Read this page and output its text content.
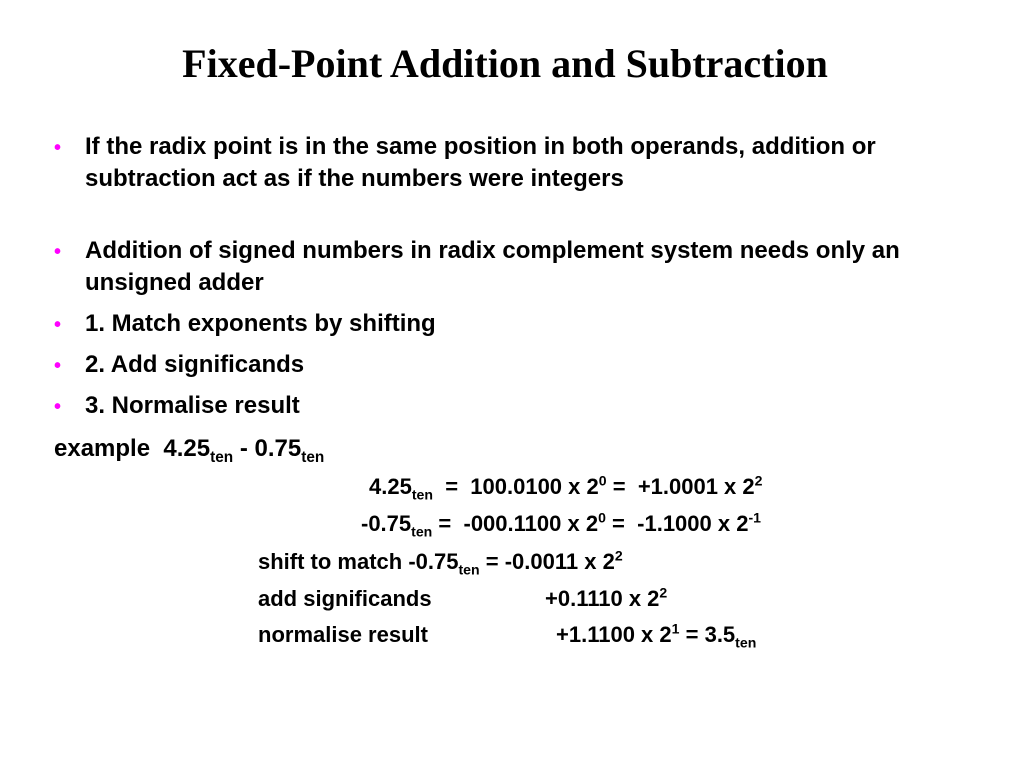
Fixed-Point Addition and Subtraction
• If the radix point is in the same position in both operands, addition or subtraction act as if the numbers were integers
• Addition of signed numbers in radix complement system needs only an unsigned adder
• 1. Match exponents by shifting
• 2. Add significands
• 3. Normalise result
example $4.25_{ten} - 0.75_{ten}$
$4.25_{ten} = 100.0100$ x $2^0 = +1.0001$ x $2^2$
$-0.75_{ten} = -000.1100$ x $2^0 = -1.1000$ x $2^{-1}$
shift to match $-0.75_{ten} = -0.0011$ x $2^2$
add significands	+0.1110 x $2^2$
normalise result	+1.1100 x $2^1 = 3.5_{ten}$
